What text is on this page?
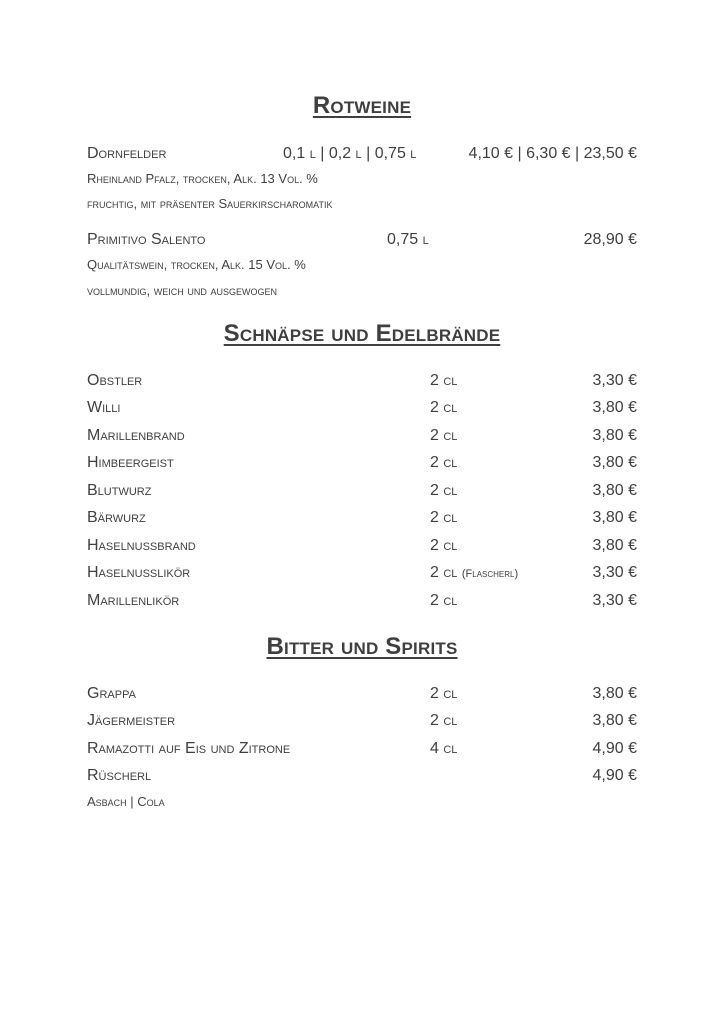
Rotweine
Dornfelder	0,1 l | 0,2 l | 0,75 l	4,10 € | 6,30 € | 23,50 €
Rheinland Pfalz, trocken, Alk. 13 Vol. %
fruchtig, mit präsenter Sauerkirscharomatik
Primitivo Salento	0,75 l	28,90 €
Qualitätswein, trocken, Alk. 15 Vol. %
vollmundig, weich und ausgewogen
Schnäpse und Edelbrände
Obstler	2 cl	3,30 €
Willi	2 cl	3,80 €
Marillenbrand	2 cl	3,80 €
Himbeergeist	2 cl	3,80 €
Blutwurz	2 cl	3,80 €
Bärwurz	2 cl	3,80 €
Haselnussbrand	2 cl	3,80 €
Haselnusslikör	2 cl (Flascherl)	3,30 €
Marillenlikör	2 cl	3,30 €
Bitter und Spirits
Grappa	2 cl	3,80 €
Jägermeister	2 cl	3,80 €
Ramazotti auf Eis und Zitrone	4 cl	4,90 €
Rüscherl	4,90 €
Asbach | Cola
